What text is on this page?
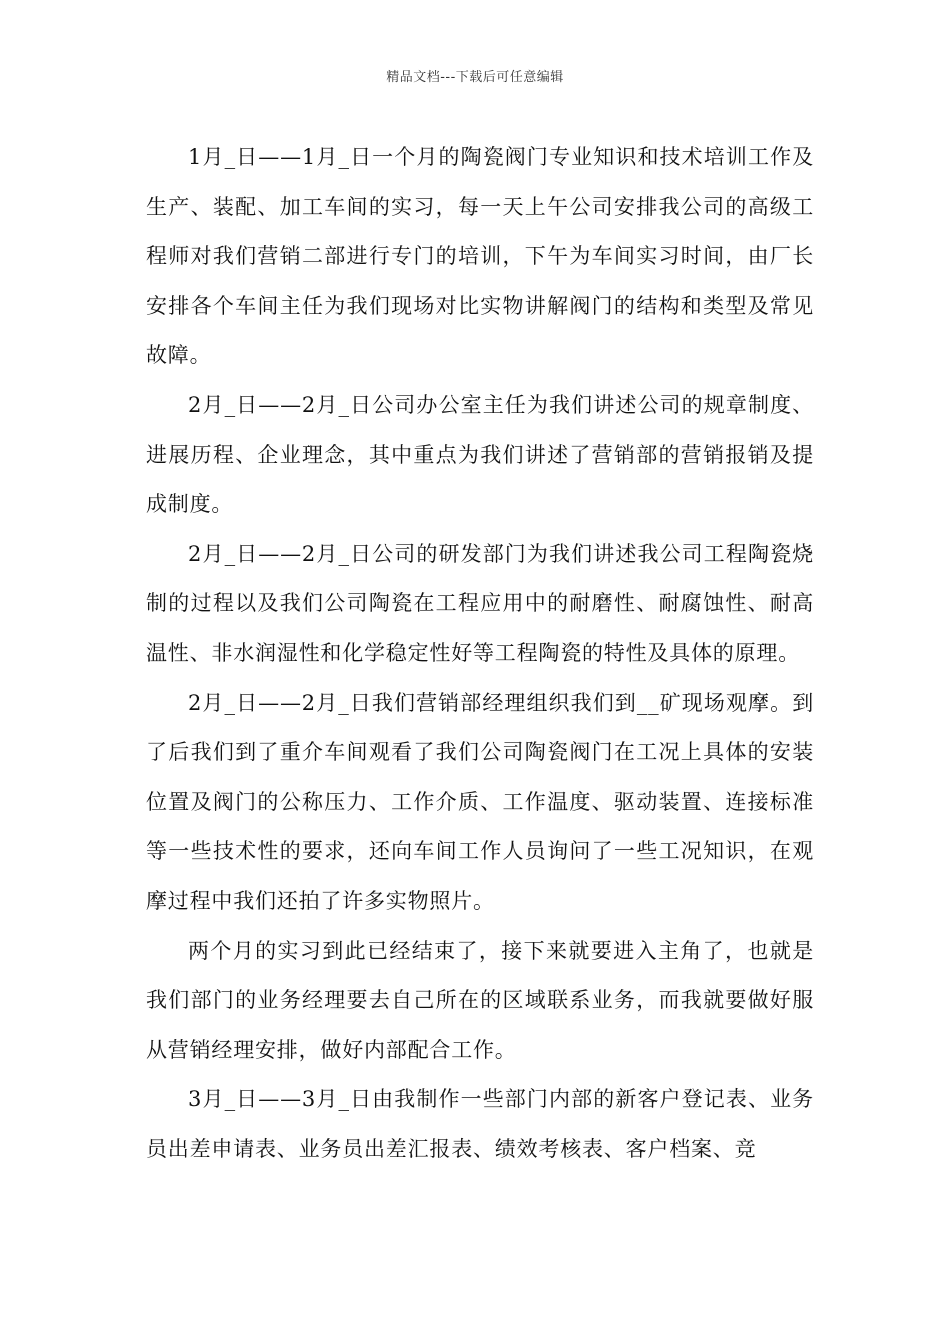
精品文档---下载后可任意编辑

1月_日——1月_日一个月的陶瓷阀门专业知识和技术培训工作及生产、装配、加工车间的实习，每一天上午公司安排我公司的高级工程师对我们营销二部进行专门的培训，下午为车间实习时间，由厂长安排各个车间主任为我们现场对比实物讲解阀门的结构和类型及常见故障。

2月_日——2月_日公司办公室主任为我们讲述公司的规章制度、进展历程、企业理念，其中重点为我们讲述了营销部的营销报销及提成制度。

2月_日——2月_日公司的研发部门为我们讲述我公司工程陶瓷烧制的过程以及我们公司陶瓷在工程应用中的耐磨性、耐腐蚀性、耐高温性、非水润湿性和化学稳定性好等工程陶瓷的特性及具体的原理。

2月_日——2月_日我们营销部经理组织我们到__矿现场观摩。到了后我们到了重介车间观看了我们公司陶瓷阀门在工况上具体的安装位置及阀门的公称压力、工作介质、工作温度、驱动装置、连接标准等一些技术性的要求，还向车间工作人员询问了一些工况知识，在观摩过程中我们还拍了许多实物照片。

两个月的实习到此已经结束了，接下来就要进入主角了，也就是我们部门的业务经理要去自己所在的区域联系业务，而我就要做好服从营销经理安排，做好内部配合工作。

3月_日——3月_日由我制作一些部门内部的新客户登记表、业务员出差申请表、业务员出差汇报表、绩效考核表、客户档案、竞
